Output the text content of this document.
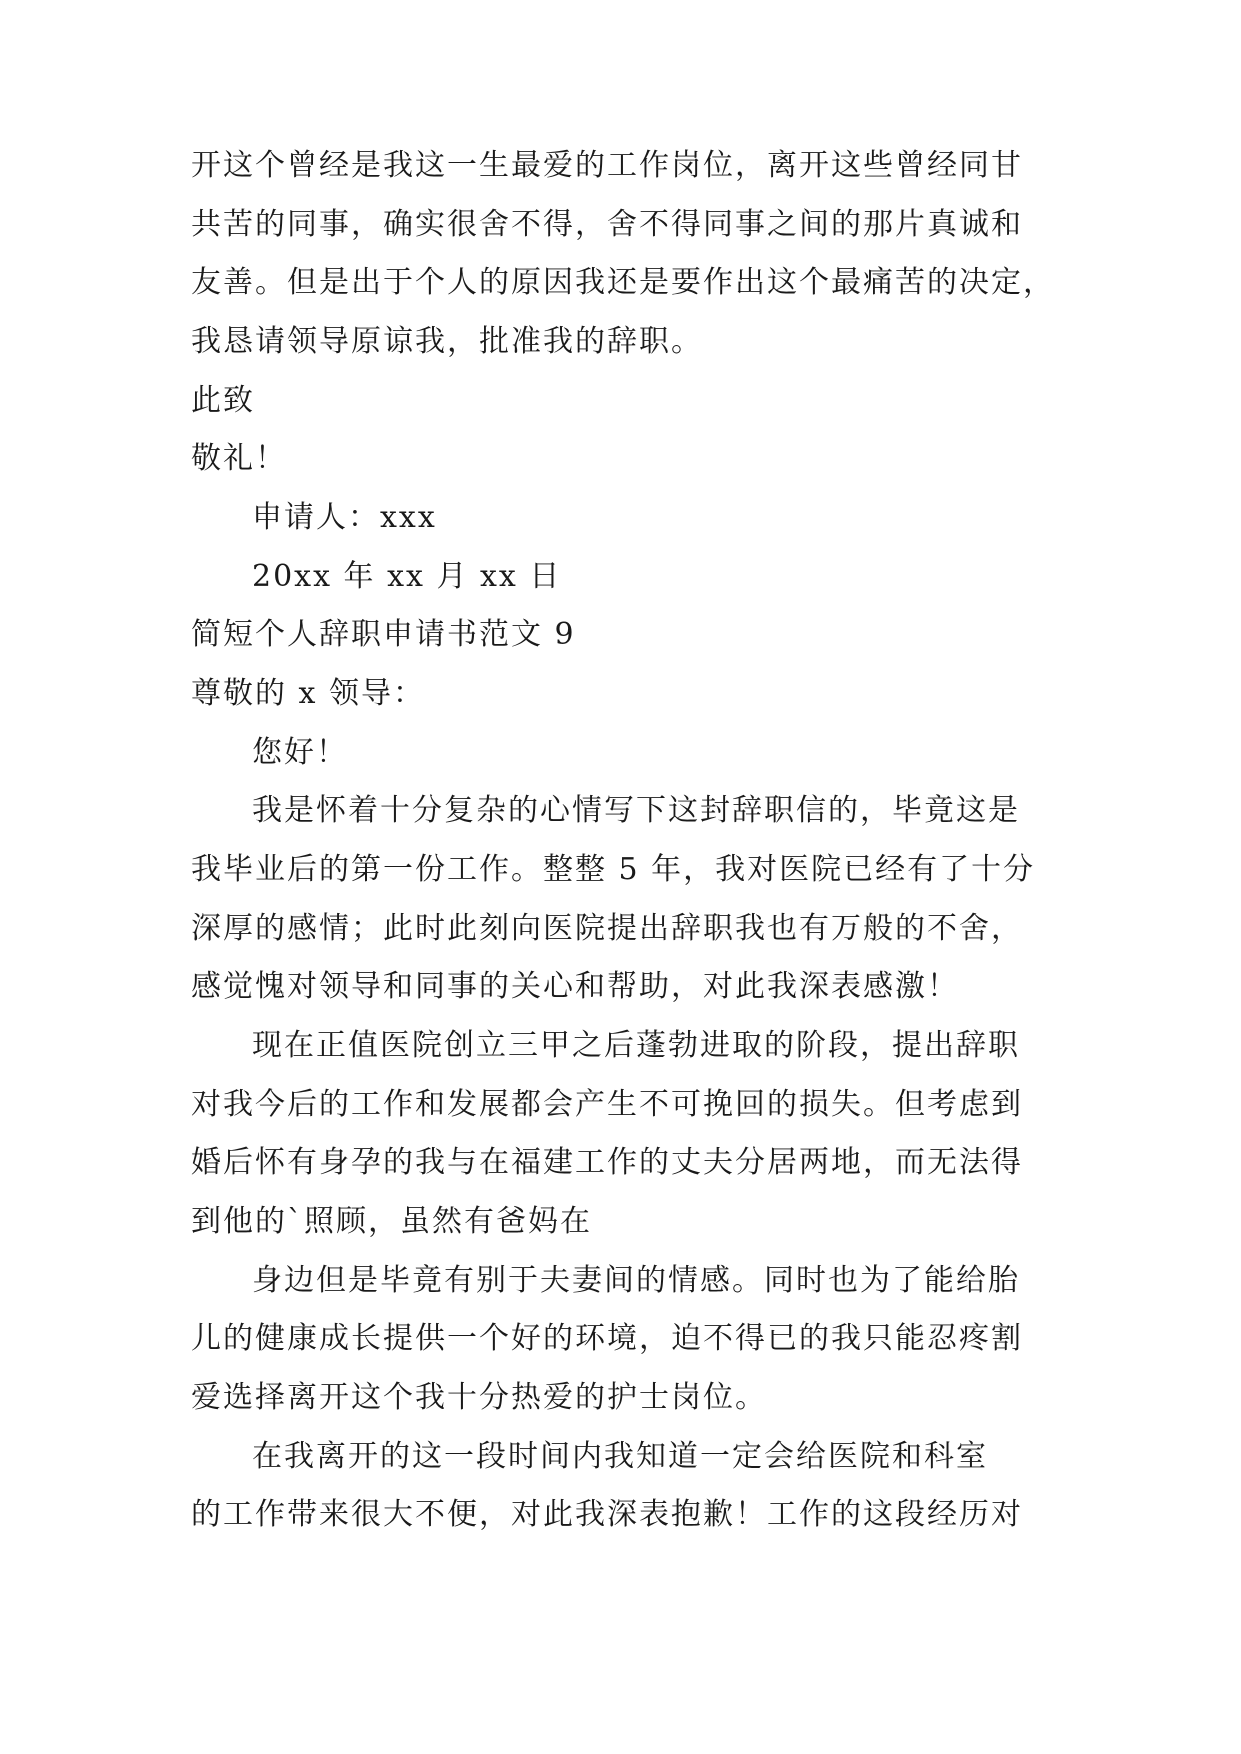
开这个曾经是我这一生最爱的工作岗位，离开这些曾经同甘
共苦的同事，确实很舍不得，舍不得同事之间的那片真诚和
友善。但是出于个人的原因我还是要作出这个最痛苦的决定，
我恳请领导原谅我，批准我的辞职。
此致
敬礼！
申请人：xxx
20xx 年 xx 月 xx 日
简短个人辞职申请书范文 9
尊敬的 x 领导：
您好！
我是怀着十分复杂的心情写下这封辞职信的，毕竟这是
我毕业后的第一份工作。整整 5 年，我对医院已经有了十分
深厚的感情；此时此刻向医院提出辞职我也有万般的不舍，
感觉愧对领导和同事的关心和帮助，对此我深表感激！
现在正值医院创立三甲之后蓬勃进取的阶段，提出辞职
对我今后的工作和发展都会产生不可挽回的损失。但考虑到
婚后怀有身孕的我与在福建工作的丈夫分居两地，而无法得
到他的`照顾，虽然有爸妈在
身边但是毕竟有别于夫妻间的情感。同时也为了能给胎
儿的健康成长提供一个好的环境，迫不得已的我只能忍疼割
爱选择离开这个我十分热爱的护士岗位。
在我离开的这一段时间内我知道一定会给医院和科室
的工作带来很大不便，对此我深表抱歉！工作的这段经历对
